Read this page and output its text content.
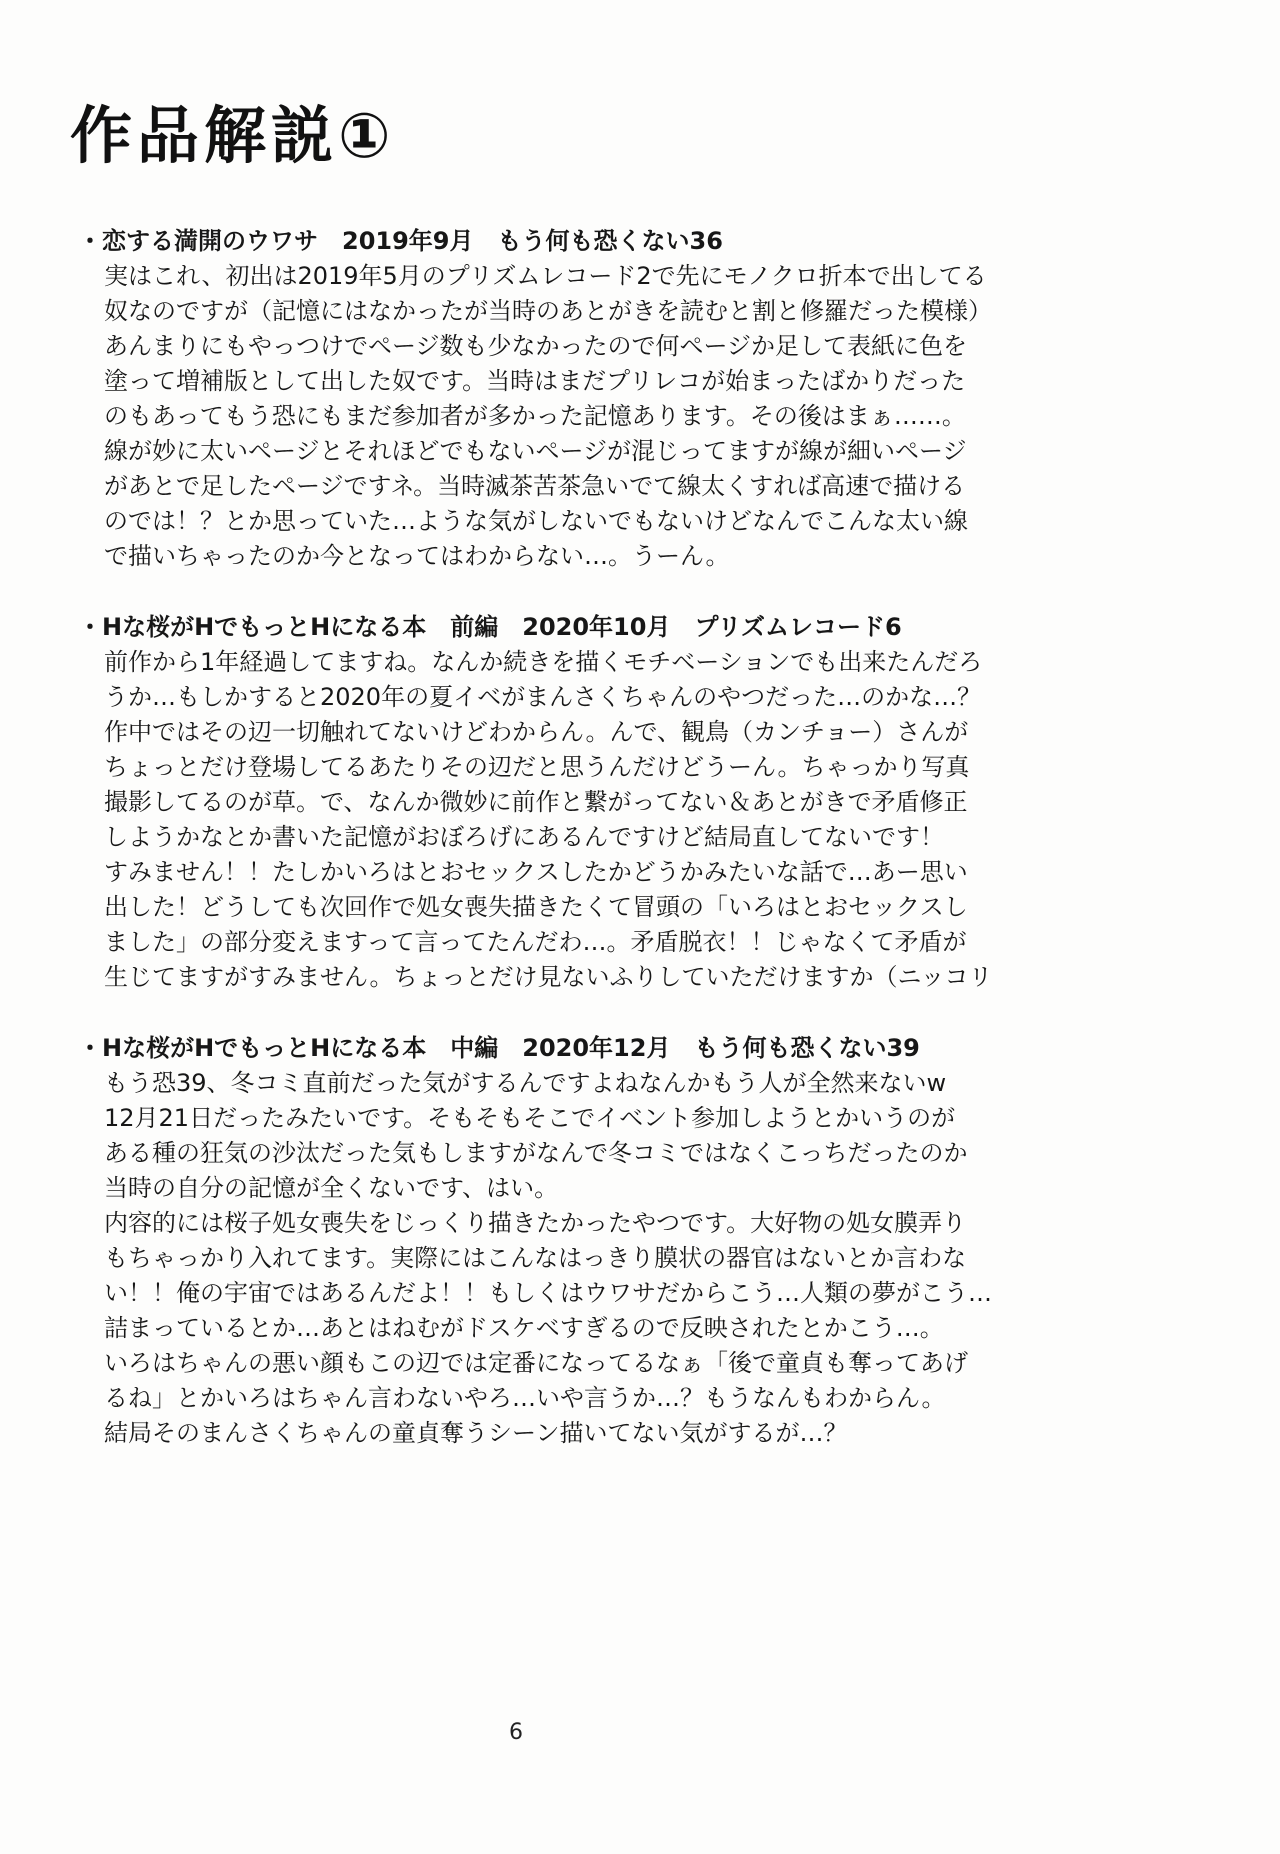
作品解説①
・恋する満開のウワサ　2019年9月　もう何も恐くない36
実はこれ、初出は2019年5月のプリズムレコード2で先にモノクロ折本で出してる
奴なのですが（記憶にはなかったが当時のあとがきを読むと割と修羅だった模様）
あんまりにもやっつけでページ数も少なかったので何ページか足して表紙に色を
塗って増補版として出した奴です。当時はまだプリレコが始まったばかりだった
のもあってもう恐にもまだ参加者が多かった記憶あります。その後はまぁ……。
線が妙に太いページとそれほどでもないページが混じってますが線が細いページ
があとで足したページですネ。当時滅茶苦茶急いでて線太くすれば高速で描ける
のでは！？とか思っていた…ような気がしないでもないけどなんでこんな太い線
で描いちゃったのか今となってはわからない…。うーん。
・Hな桜がHでもっとHになる本　前編　2020年10月　プリズムレコード6
前作から1年経過してますね。なんか続きを描くモチベーションでも出来たんだろ
うか…もしかすると2020年の夏イベがまんさくちゃんのやつだった…のかな…？
作中ではその辺一切触れてないけどわからん。んで、観鳥（カンチョー）さんが
ちょっとだけ登場してるあたりその辺だと思うんだけどうーん。ちゃっかり写真
撮影してるのが草。で、なんか微妙に前作と繋がってない＆あとがきで矛盾修正
しようかなとか書いた記憶がおぼろげにあるんですけど結局直してないです！
すみません！！たしかいろはとおセックスしたかどうかみたいな話で…あー思い
出した！どうしても次回作で処女喪失描きたくて冒頭の「いろはとおセックスし
ました」の部分変えますって言ってたんだわ…。矛盾脱衣！！じゃなくて矛盾が
生じてますがすみません。ちょっとだけ見ないふりしていただけますか（ニッコリ
・Hな桜がHでもっとHになる本　中編　2020年12月　もう何も恐くない39
もう恐39、冬コミ直前だった気がするんですよねなんかもう人が全然来ないw
12月21日だったみたいです。そもそもそこでイベント参加しようとかいうのが
ある種の狂気の沙汰だった気もしますがなんで冬コミではなくこっちだったのか
当時の自分の記憶が全くないです、はい。
内容的には桜子処女喪失をじっくり描きたかったやつです。大好物の処女膜弄り
もちゃっかり入れてます。実際にはこんなはっきり膜状の器官はないとか言わな
い！！俺の宇宙ではあるんだよ！！もしくはウワサだからこう…人類の夢がこう…
詰まっているとか…あとはねむがドスケベすぎるので反映されたとかこう…。
いろはちゃんの悪い顔もこの辺では定番になってるなぁ「後で童貞も奪ってあげ
るね」とかいろはちゃん言わないやろ…いや言うか…？もうなんもわからん。
結局そのまんさくちゃんの童貞奪うシーン描いてない気がするが…？
6
